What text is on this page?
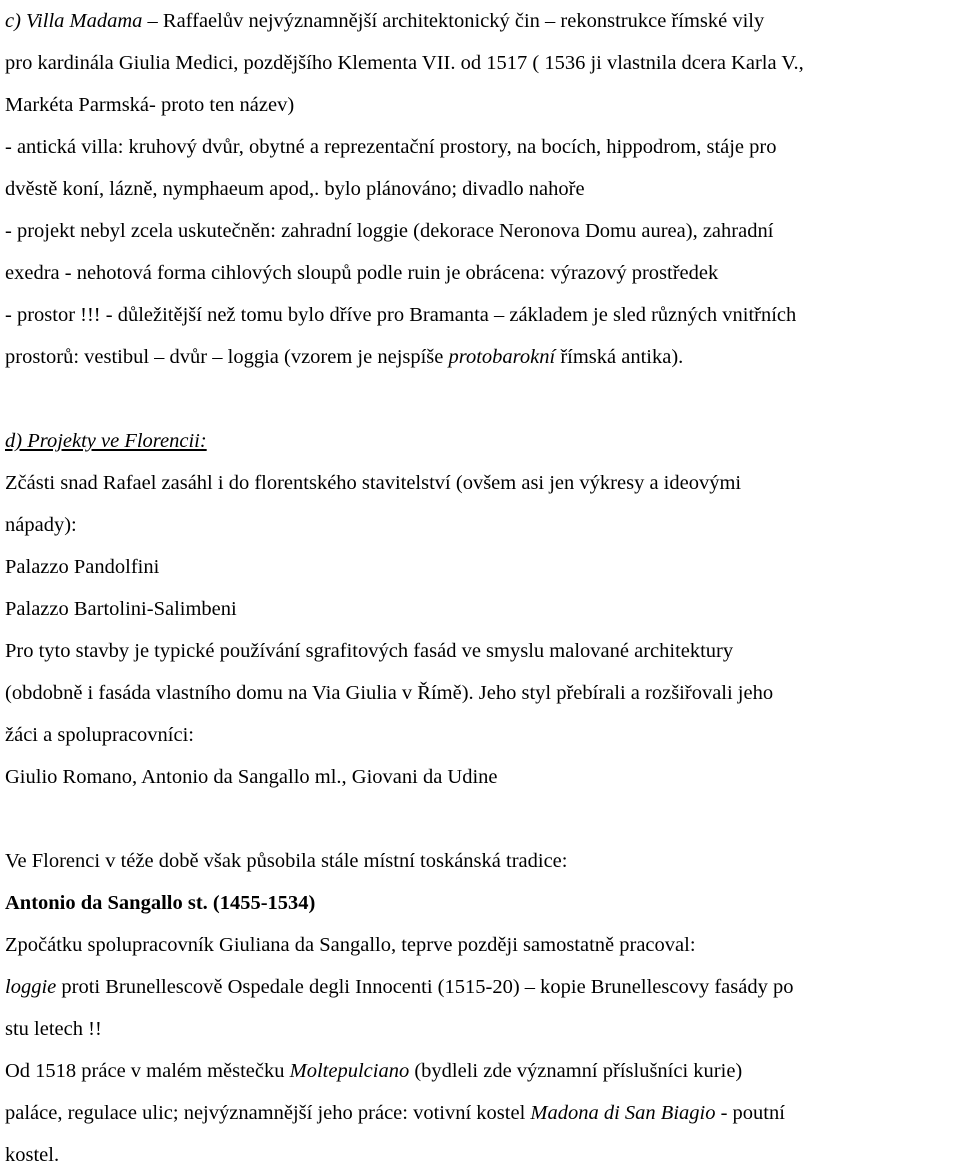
c) Villa Madama – Raffaelův nejvýznamnější architektonický čin – rekonstrukce římské vily
pro kardinála Giulia Medici, pozdějšího Klementa VII. od 1517 ( 1536 ji vlastnila dcera Karla V.,
Markéta Parmská- proto ten název)
- antická villa: kruhový dvůr, obytné a reprezentační prostory, na bocích, hippodrom, stáje pro
dvěstě koní, lázně, nymphaeum apod,. bylo plánováno; divadlo nahoře
- projekt nebyl zcela uskutečněn: zahradní loggie (dekorace Neronova Domu aurea), zahradní
exedra - nehotová forma cihlových sloupů podle ruin je obrácena: výrazový prostředek
- prostor !!! - důležitější než tomu bylo dříve pro Bramanta – základem je sled různých vnitřních
prostorů: vestibul – dvůr – loggia (vzorem je nejspíše protobarokní římská antika).
d) Projekty ve Florencii:
Zčásti snad Rafael zasáhl i do florentského stavitelství (ovšem asi jen výkresy a ideovými
nápady):
Palazzo Pandolfini
Palazzo Bartolini-Salimbeni
Pro tyto stavby je typické používání sgrafitových fasád ve smyslu malované architektury
(obdobně i fasáda vlastního domu na Via Giulia v Římě). Jeho styl přebírali a rozšiřovali jeho
žáci a spolupracovníci:
Giulio Romano, Antonio da Sangallo ml., Giovani da Udine
Ve Florenci v téže době však působila stále místní toskánská tradice:
Antonio da Sangallo st. (1455-1534)
Zpočátku spolupracovník Giuliana da Sangallo, teprve později samostatně pracoval:
loggie proti Brunellescově Ospedale degli Innocenti (1515-20) – kopie Brunellescovy fasády po
stu letech !!
Od 1518 práce v malém městečku Moltepulciano (bydleli zde významní příslušníci kurie)
paláce, regulace ulic; nejvýznamnější jeho práce: votivní kostel Madona di San Biagio - poutní
kostel.
